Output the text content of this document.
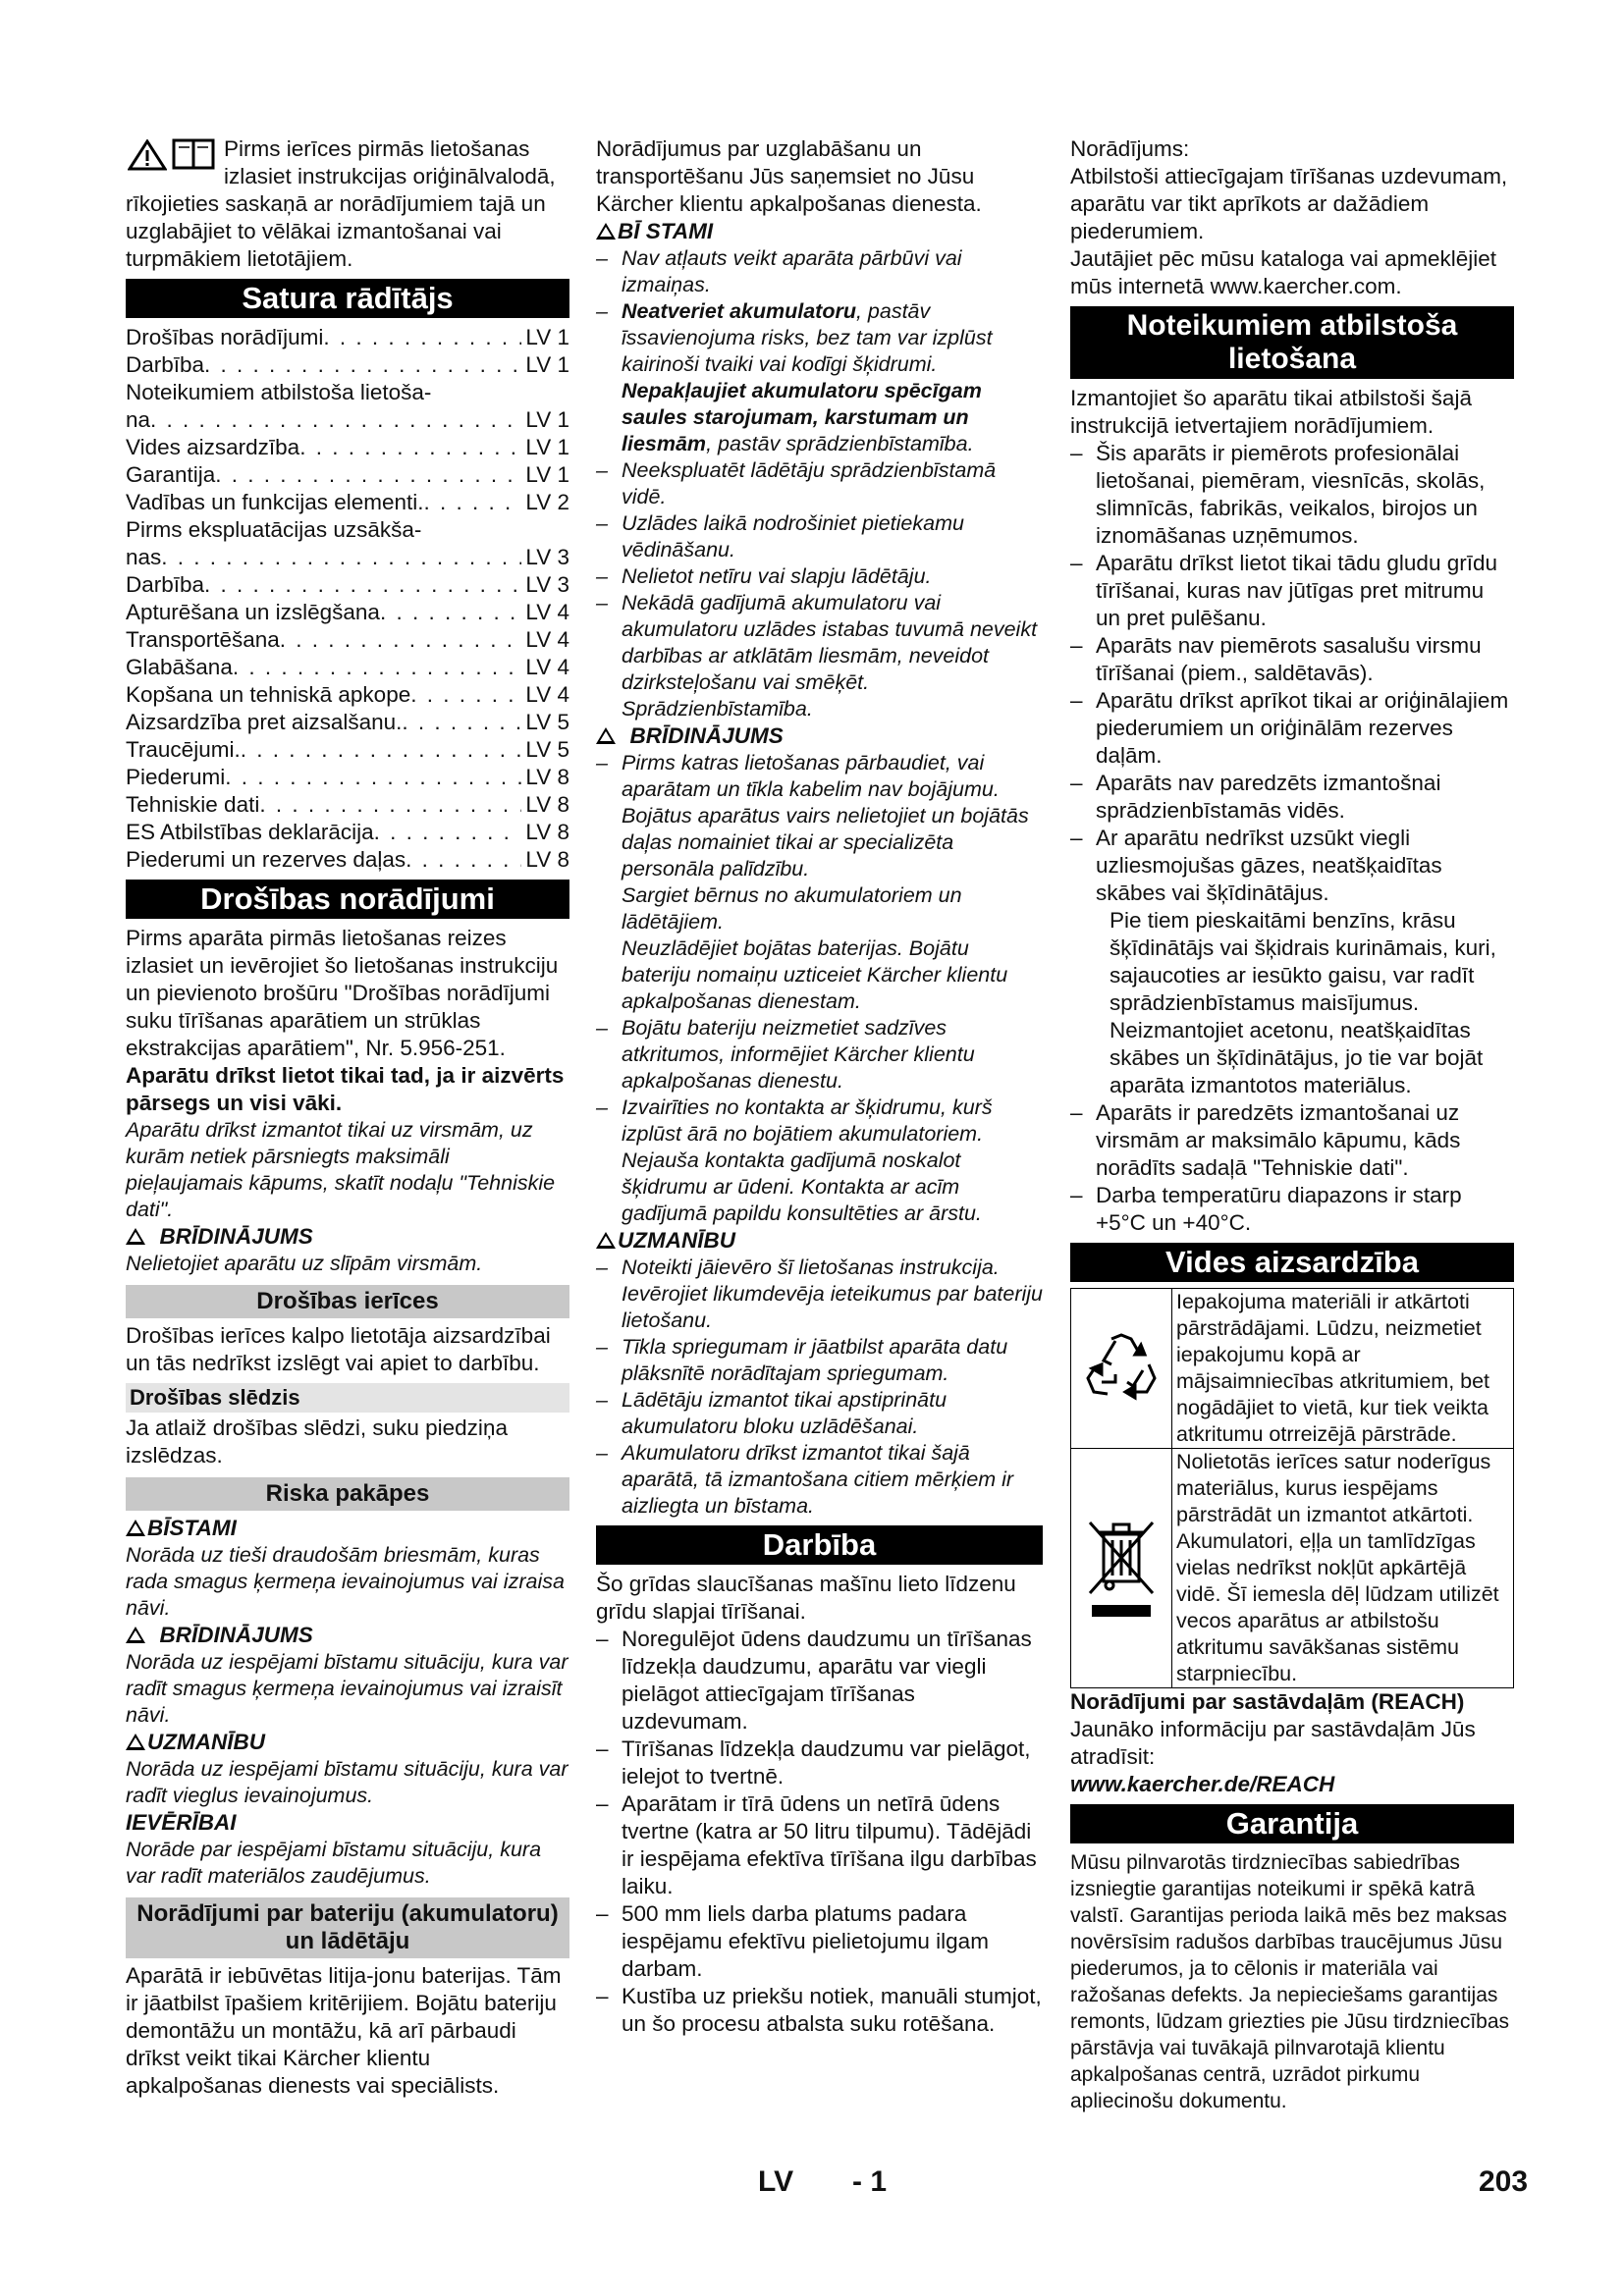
Pirms ierīces pirmās lietošanas izlasiet instrukcijas oriģinālvalodā, rīkojieties saskaņā ar norādījumiem tajā un uzglabājiet to vēlākai izmantošanai vai turpmākiem lietotājiem.

Satura rādītājs
Drošības norādījumi . . .	LV 1
Darbība . . .	LV 1
Noteikumiem atbilstoša lietoša-
na . . .	LV 1
Vides aizsardzība . . .	LV 1
Garantija . . .	LV 1
Vadības un funkcijas elementi. . . .	LV 2
Pirms ekspluatācijas uzsākša-
nas . . .	LV 3
Darbība . . .	LV 3
Apturēšana un izslēgšana . . .	LV 4
Transportēšana . . .	LV 4
Glabāšana . . .	LV 4
Kopšana un tehniskā apkope . . .	LV 4
Aizsardzība pret aizsalšanu. . . .	LV 5
Traucējumi. . . .	LV 5
Piederumi . . .	LV 8
Tehniskie dati . . .	LV 8
ES Atbilstības deklarācija . . .	LV 8
Piederumi un rezerves daļas . . .	LV 8
Drošības norādījumi

Pirms aparāta pirmās lietošanas reizes izlasiet un ievērojiet šo lietošanas instrukciju un pievienoto brošūru "Drošības norādījumi suku tīrīšanas aparātiem un strūklas ekstrakcijas aparātiem", Nr. 5.956-251.

Aparātu drīkst lietot tikai tad, ja ir aizvērts pārsegs un visi vāki.

Aparātu drīkst izmantot tikai uz virsmām, uz kurām netiek pārsniegts maksimāli pieļaujamais kāpums, skatīt nodaļu "Tehniskie dati".

BRĪDINĀJUMS

Nelietojiet aparātu uz slīpām virsmām.

Drošības ierīces

Drošības ierīces kalpo lietotāja aizsardzībai un tās nedrīkst izslēgt vai apiet to darbību.

Drošības slēdzis

Ja atlaiž drošības slēdzi, suku piedziņa izslēdzas.

Riska pakāpes

BĪSTAMI

Norāda uz tieši draudošām briesmām, kuras rada smagus ķermeņa ievainojumus vai izraisa nāvi.

BRĪDINĀJUMS

Norāda uz iespējami bīstamu situāciju, kura var radīt smagus ķermeņa ievainojumus vai izraisīt nāvi.

UZMANĪBU

Norāda uz iespējami bīstamu situāciju, kura var radīt vieglus ievainojumus.

IEVĒRĪBAI

Norāde par iespējami bīstamu situāciju, kura var radīt materiālos zaudējumus.

Norādījumi par bateriju (akumulatoru) un lādētāju

Aparātā ir iebūvētas litija-jonu baterijas. Tām ir jāatbilst īpašiem kritērijiem. Bojātu bateriju demontāžu un montāžu, kā arī pārbaudi drīkst veikt tikai Kärcher klientu apkalpošanas dienests vai speciālists.

Norādījumus par uzglabāšanu un transportēšanu Jūs saņemsiet no Jūsu Kärcher klientu apkalpošanas dienesta.

BĪ STAMI

– Nav atļauts veikt aparāta pārbūvi vai izmaiņas.
– Neatveriet akumulatoru, pastāv īssavienojuma risks, bez tam var izplūst kairinoši tvaiki vai kodīgi šķidrumi.
Nepakļaujiet akumulatoru spēcīgam saules starojumam, karstumam un liesmām, pastāv sprādzienbīstamība.
– Neekspluatēt lādētāju sprādzienbīstamā vidē.
– Uzlādes laikā nodrošiniet pietiekamu vēdināšanu.
– Nelietot netīru vai slapju lādētāju.
– Nekādā gadījumā akumulatoru vai akumulatoru uzlādes istabas tuvumā neveikt darbības ar atklātām liesmām, neveidot dzirksteļošanu vai smēķēt. Sprādzienbīstamība.

BRĪDINĀJUMS

– Pirms katras lietošanas pārbaudiet, vai aparātam un tīkla kabelim nav bojājumu. Bojātus aparātus vairs nelietojiet un bojātās daļas nomainiet tikai ar specializēta personāla palīdzību.
Sargiet bērnus no akumulatoriem un lādētājiem.
Neuzlādējiet bojātas baterijas. Bojātu bateriju nomaiņu uzticeiet Kärcher klientu apkalpošanas dienestam.
– Bojātu bateriju neizmetiet sadzīves atkritumos, informējiet Kärcher klientu apkalpošanas dienestu.
– Izvairīties no kontakta ar šķidrumu, kurš izplūst ārā no bojātiem akumulatoriem. Nejauša kontakta gadījumā noskalot šķidrumu ar ūdeni. Kontakta ar acīm gadījumā papildu konsultēties ar ārstu.

UZMANĪBU

– Noteikti jāievēro šī lietošanas instrukcija. Ievērojiet likumdevēja ieteikumus par bateriju lietošanu.
– Tīkla spriegumam ir jāatbilst aparāta datu plāksnītē norādītajam spriegumam.
– Lādētāju izmantot tikai apstiprinātu akumulatoru bloku uzlādēšanai.
– Akumulatoru drīkst izmantot tikai šajā aparātā, tā izmantošana citiem mērķiem ir aizliegta un bīstama.
Darbība

Šo grīdas slaucīšanas mašīnu lieto līdzenu grīdu slapjai tīrīšanai.

– Noregulējot ūdens daudzumu un tīrīšanas līdzekļa daudzumu, aparātu var viegli pielāgot attiecīgajam tīrīšanas uzdevumam.
– Tīrīšanas līdzekļa daudzumu var pielāgot, ielejot to tvertnē.
– Aparātam ir tīrā ūdens un netīrā ūdens tvertne (katra ar 50 litru tilpumu). Tādējādi ir iespējama efektīva tīrīšana ilgu darbības laiku.
– 500 mm liels darba platums padara iespējamu efektīvu pielietojumu ilgam darbam.
– Kustība uz priekšu notiek, manuāli stumjot, un šo procesu atbalsta suku rotēšana.

Norādījums:

Atbilstoši attiecīgajam tīrīšanas uzdevumam, aparātu var tikt aprīkots ar dažādiem piederumiem.

Jautājiet pēc mūsu kataloga vai apmeklējiet mūs internetā www.kaercher.com.

Noteikumiem atbilstoša lietošana

Izmantojiet šo aparātu tikai atbilstoši šajā instrukcijā ietvertajiem norādījumiem.

– Šis aparāts ir piemērots profesionālai lietošanai, piemēram, viesnīcās, skolās, slimnīcās, fabrikās, veikalos, birojos un iznomāšanas uzņēmumos.
– Aparātu drīkst lietot tikai tādu gludu grīdu tīrīšanai, kuras nav jūtīgas pret mitrumu un pret pulēšanu.
– Aparāts nav piemērots sasalušu virsmu tīrīšanai (piem., saldētavās).
– Aparātu drīkst aprīkot tikai ar oriģinālajiem piederumiem un oriģinālām rezerves daļām.
– Aparāts nav paredzēts izmantošnai sprādzienbīstamās vidēs.
– Ar aparātu nedrīkst uzsūkt viegli uzliesmojušas gāzes, neatšķaidītas skābes vai šķīdinātājus.

Pie tiem pieskaitāmi benzīns, krāsu šķīdinātājs vai šķidrais kurināmais, kuri, sajaucoties ar iesūkto gaisu, var radīt sprādzienbīstamus maisījumus. Neizmantojiet acetonu, neatšķaidītas skābes un šķīdinātājus, jo tie var bojāt aparāta izmantotos materiālus.

– Aparāts ir paredzēts izmantošanai uz virsmām ar maksimālo kāpumu, kāds norādīts sadaļā "Tehniskie dati".
– Darba temperatūru diapazons ir starp +5°C un +40°C.
Vides aizsardzība
Iepakojuma materiāli ir atkārtoti pārstrādājami. Lūdzu, neizmetiet iepakojumu kopā ar mājsaimniecības atkritumiem, bet nogādājiet to vietā, kur tiek veikta atkritumu otrreizējā pārstrāde.
Nolietotās ierīces satur noderīgus materiālus, kurus iespējams pārstrādāt un izmantot atkārtoti. Akumulatori, eļļa un tamlīdzīgas vielas nedrīkst nokļūt apkārtējā vidē. Šī iemesla dēļ lūdzam utilizēt vecos aparātus ar atbilstošu atkritumu savākšanas sistēmu starpniecību.

Norādījumi par sastāvdaļām (REACH)

Jaunāko informāciju par sastāvdaļām Jūs atradīsit:

www.kaercher.de/REACH

Garantija

Mūsu pilnvarotās tirdzniecības sabiedrības izsniegtie garantijas noteikumi ir spēkā katrā valstī. Garantijas perioda laikā mēs bez maksas novērsīsim radušos darbības traucējumus Jūsu piederumos, ja to cēlonis ir materiāla vai ražošanas defekts. Ja nepieciešams garantijas remonts, lūdzam griezties pie Jūsu tirdzniecības pārstāvja vai tuvākajā pilnvarotajā klientu apkalpošanas centrā, uzrādot pirkumu apliecinošu dokumentu.

LV - 1	203
